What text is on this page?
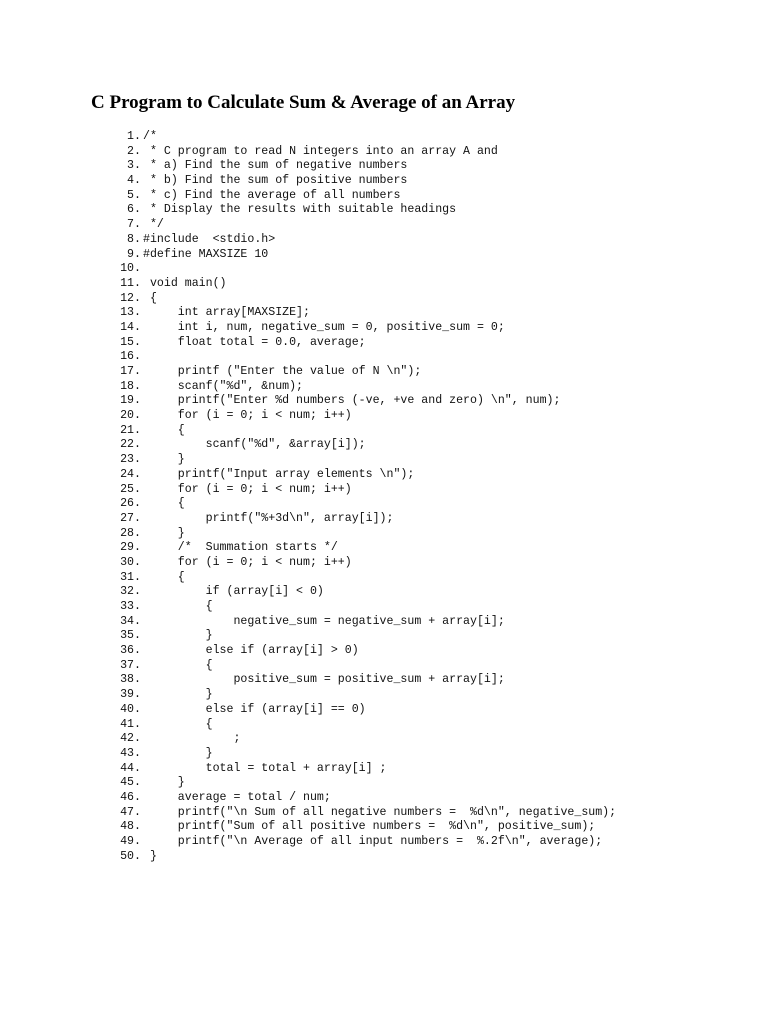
C Program to Calculate Sum & Average of an Array
1. /*
2. * C program to read N integers into an array A and
3. * a) Find the sum of negative numbers
4. * b) Find the sum of positive numbers
5. * c) Find the average of all numbers
6. * Display the results with suitable headings
7. */
8. #include  <stdio.h>
9. #define MAXSIZE 10
10.
11. void main()
12. {
13.     int array[MAXSIZE];
14.     int i, num, negative_sum = 0, positive_sum = 0;
15.     float total = 0.0, average;
16.
17.     printf ("Enter the value of N \n");
18.     scanf("%d", &num);
19.     printf("Enter %d numbers (-ve, +ve and zero) \n", num);
20.     for (i = 0; i < num; i++)
21.     {
22.         scanf("%d", &array[i]);
23.     }
24.     printf("Input array elements \n");
25.     for (i = 0; i < num; i++)
26.     {
27.         printf("%+3d\n", array[i]);
28.     }
29.     /*  Summation starts */
30.     for (i = 0; i < num; i++)
31.     {
32.         if (array[i] < 0)
33.         {
34.             negative_sum = negative_sum + array[i];
35.         }
36.         else if (array[i] > 0)
37.         {
38.             positive_sum = positive_sum + array[i];
39.         }
40.         else if (array[i] == 0)
41.         {
42.             ;
43.         }
44.         total = total + array[i] ;
45.     }
46.     average = total / num;
47.     printf("\n Sum of all negative numbers =  %d\n", negative_sum);
48.     printf("Sum of all positive numbers =  %d\n", positive_sum);
49.     printf("\n Average of all input numbers =  %.2f\n", average);
50. }
